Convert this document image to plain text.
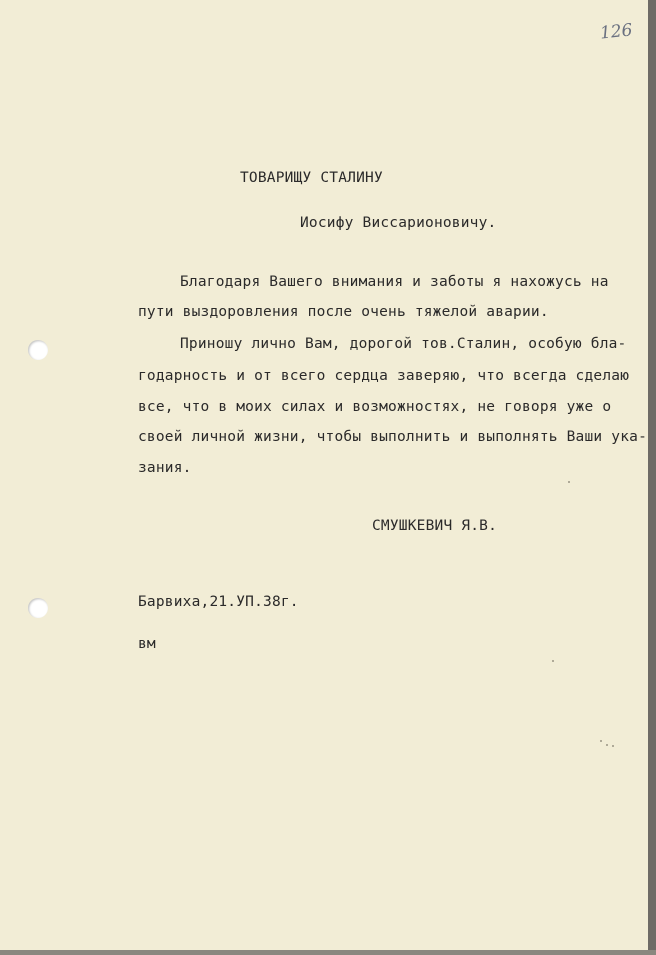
126
ТОВАРИЩУ СТАЛИНУ
Иосифу Виссарионовичу.
Благодаря Вашего внимания и заботы я нахожусь на
пути выздоровления после очень тяжелой аварии.
Приношу лично Вам, дорогой тов.Сталин, особую бла-
годарность и от всего сердца заверяю, что всегда сделаю
все, что в моих силах и возможностях, не говоря уже о
своей личной жизни, чтобы выполнить и выполнять Ваши ука-
зания.
СМУШКЕВИЧ Я.В.
Барвиха,21.УП.38г.
вм
